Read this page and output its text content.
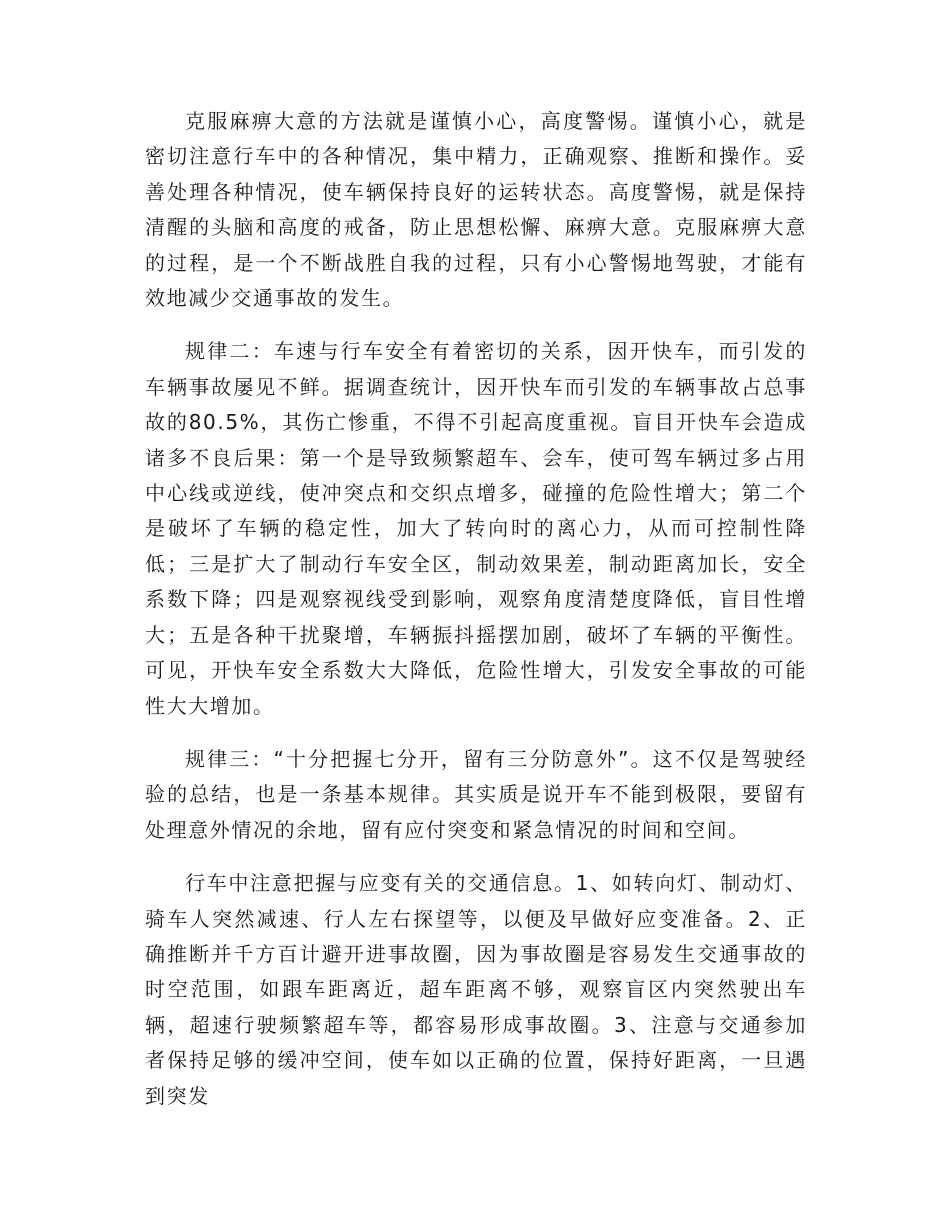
克服麻痹大意的方法就是谨慎小心，高度警惕。谨慎小心，就是密切注意行车中的各种情况，集中精力，正确观察、推断和操作。妥善处理各种情况，使车辆保持良好的运转状态。高度警惕，就是保持清醒的头脑和高度的戒备，防止思想松懈、麻痹大意。克服麻痹大意的过程，是一个不断战胜自我的过程，只有小心警惕地驾驶，才能有效地减少交通事故的发生。

规律二：车速与行车安全有着密切的关系，因开快车，而引发的车辆事故屡见不鲜。据调查统计，因开快车而引发的车辆事故占总事故的80.5%，其伤亡惨重，不得不引起高度重视。盲目开快车会造成诸多不良后果：第一个是导致频繁超车、会车，使可驾车辆过多占用中心线或逆线，使冲突点和交织点增多，碰撞的危险性增大；第二个是破坏了车辆的稳定性，加大了转向时的离心力，从而可控制性降低；三是扩大了制动行车安全区，制动效果差，制动距离加长，安全系数下降；四是观察视线受到影响，观察角度清楚度降低，盲目性增大；五是各种干扰聚增，车辆振抖摇摆加剧，破坏了车辆的平衡性。可见，开快车安全系数大大降低，危险性增大，引发安全事故的可能性大大增加。

规律三：“十分把握七分开，留有三分防意外”。这不仅是驾驶经验的总结，也是一条基本规律。其实质是说开车不能到极限，要留有处理意外情况的余地，留有应付突变和紧急情况的时间和空间。

行车中注意把握与应变有关的交通信息。1、如转向灯、制动灯、骑车人突然减速、行人左右探望等，以便及早做好应变准备。2、正确推断并千方百计避开进事故圈，因为事故圈是容易发生交通事故的时空范围，如跟车距离近，超车距离不够，观察盲区内突然驶出车辆，超速行驶频繁超车等，都容易形成事故圈。3、注意与交通参加者保持足够的缓冲空间，使车如以正确的位置，保持好距离，一旦遇到突发
